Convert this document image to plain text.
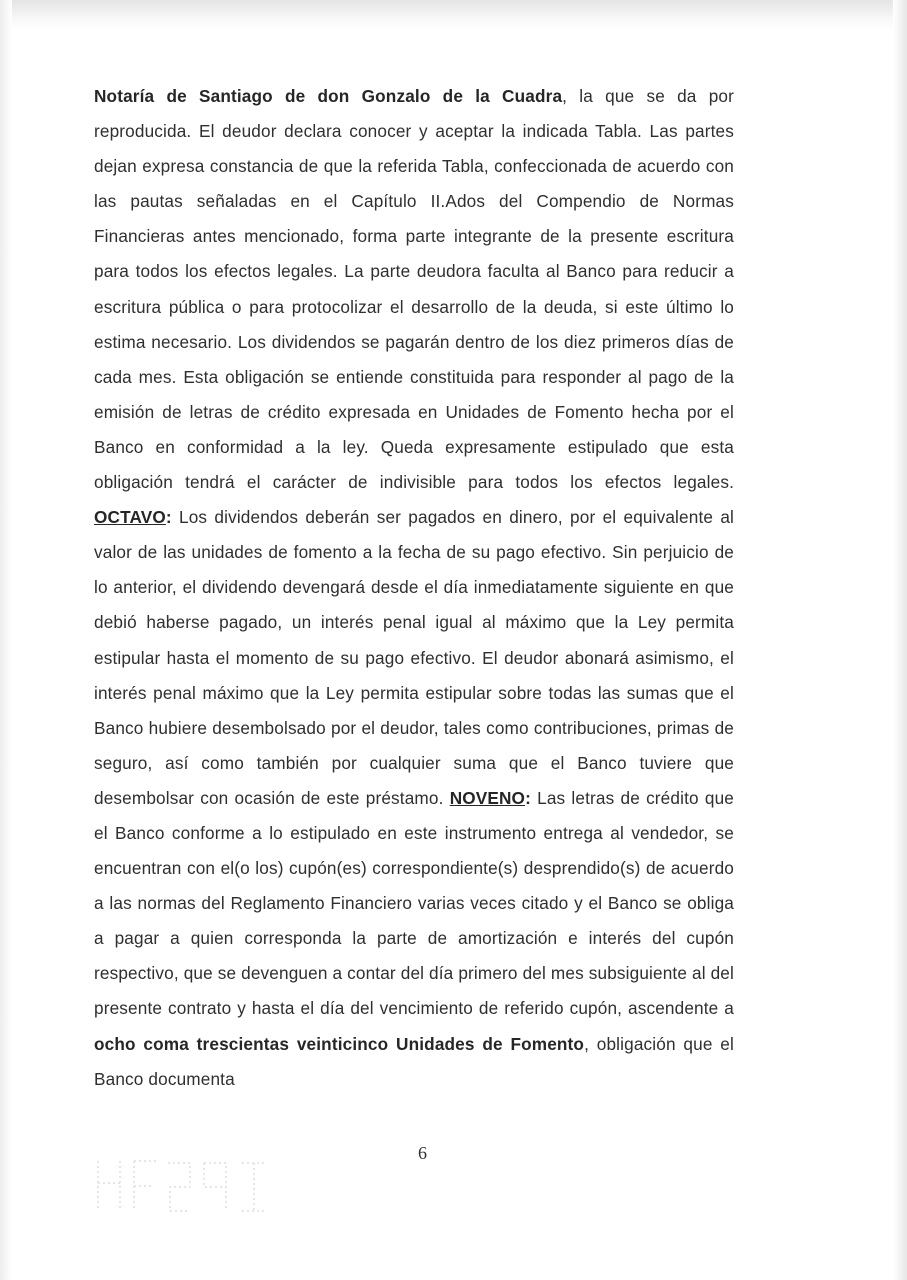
Notaría de Santiago de don Gonzalo de la Cuadra, la que se da por reproducida. El deudor declara conocer y aceptar la indicada Tabla. Las partes dejan expresa constancia de que la referida Tabla, confeccionada de acuerdo con las pautas señaladas en el Capítulo II.Ados del Compendio de Normas Financieras antes mencionado, forma parte integrante de la presente escritura para todos los efectos legales. La parte deudora faculta al Banco para reducir a escritura pública o para protocolizar el desarrollo de la deuda, si este último lo estima necesario. Los dividendos se pagarán dentro de los diez primeros días de cada mes. Esta obligación se entiende constituida para responder al pago de la emisión de letras de crédito expresada en Unidades de Fomento hecha por el Banco en conformidad a la ley. Queda expresamente estipulado que esta obligación tendrá el carácter de indivisible para todos los efectos legales. OCTAVO: Los dividendos deberán ser pagados en dinero, por el equivalente al valor de las unidades de fomento a la fecha de su pago efectivo. Sin perjuicio de lo anterior, el dividendo devengará desde el día inmediatamente siguiente en que debió haberse pagado, un interés penal igual al máximo que la Ley permita estipular hasta el momento de su pago efectivo. El deudor abonará asimismo, el interés penal máximo que la Ley permita estipular sobre todas las sumas que el Banco hubiere desembolsado por el deudor, tales como contribuciones, primas de seguro, así como también por cualquier suma que el Banco tuviere que desembolsar con ocasión de este préstamo. NOVENO: Las letras de crédito que el Banco conforme a lo estipulado en este instrumento entrega al vendedor, se encuentran con el(o los) cupón(es) correspondiente(s) desprendido(s) de acuerdo a las normas del Reglamento Financiero varias veces citado y el Banco se obliga a pagar a quien corresponda la parte de amortización e interés del cupón respectivo, que se devenguen a contar del día primero del mes subsiguiente al del presente contrato y hasta el día del vencimiento de referido cupón, ascendente a ocho coma trescientas veinticinco Unidades de Fomento, obligación que el Banco documenta

6
